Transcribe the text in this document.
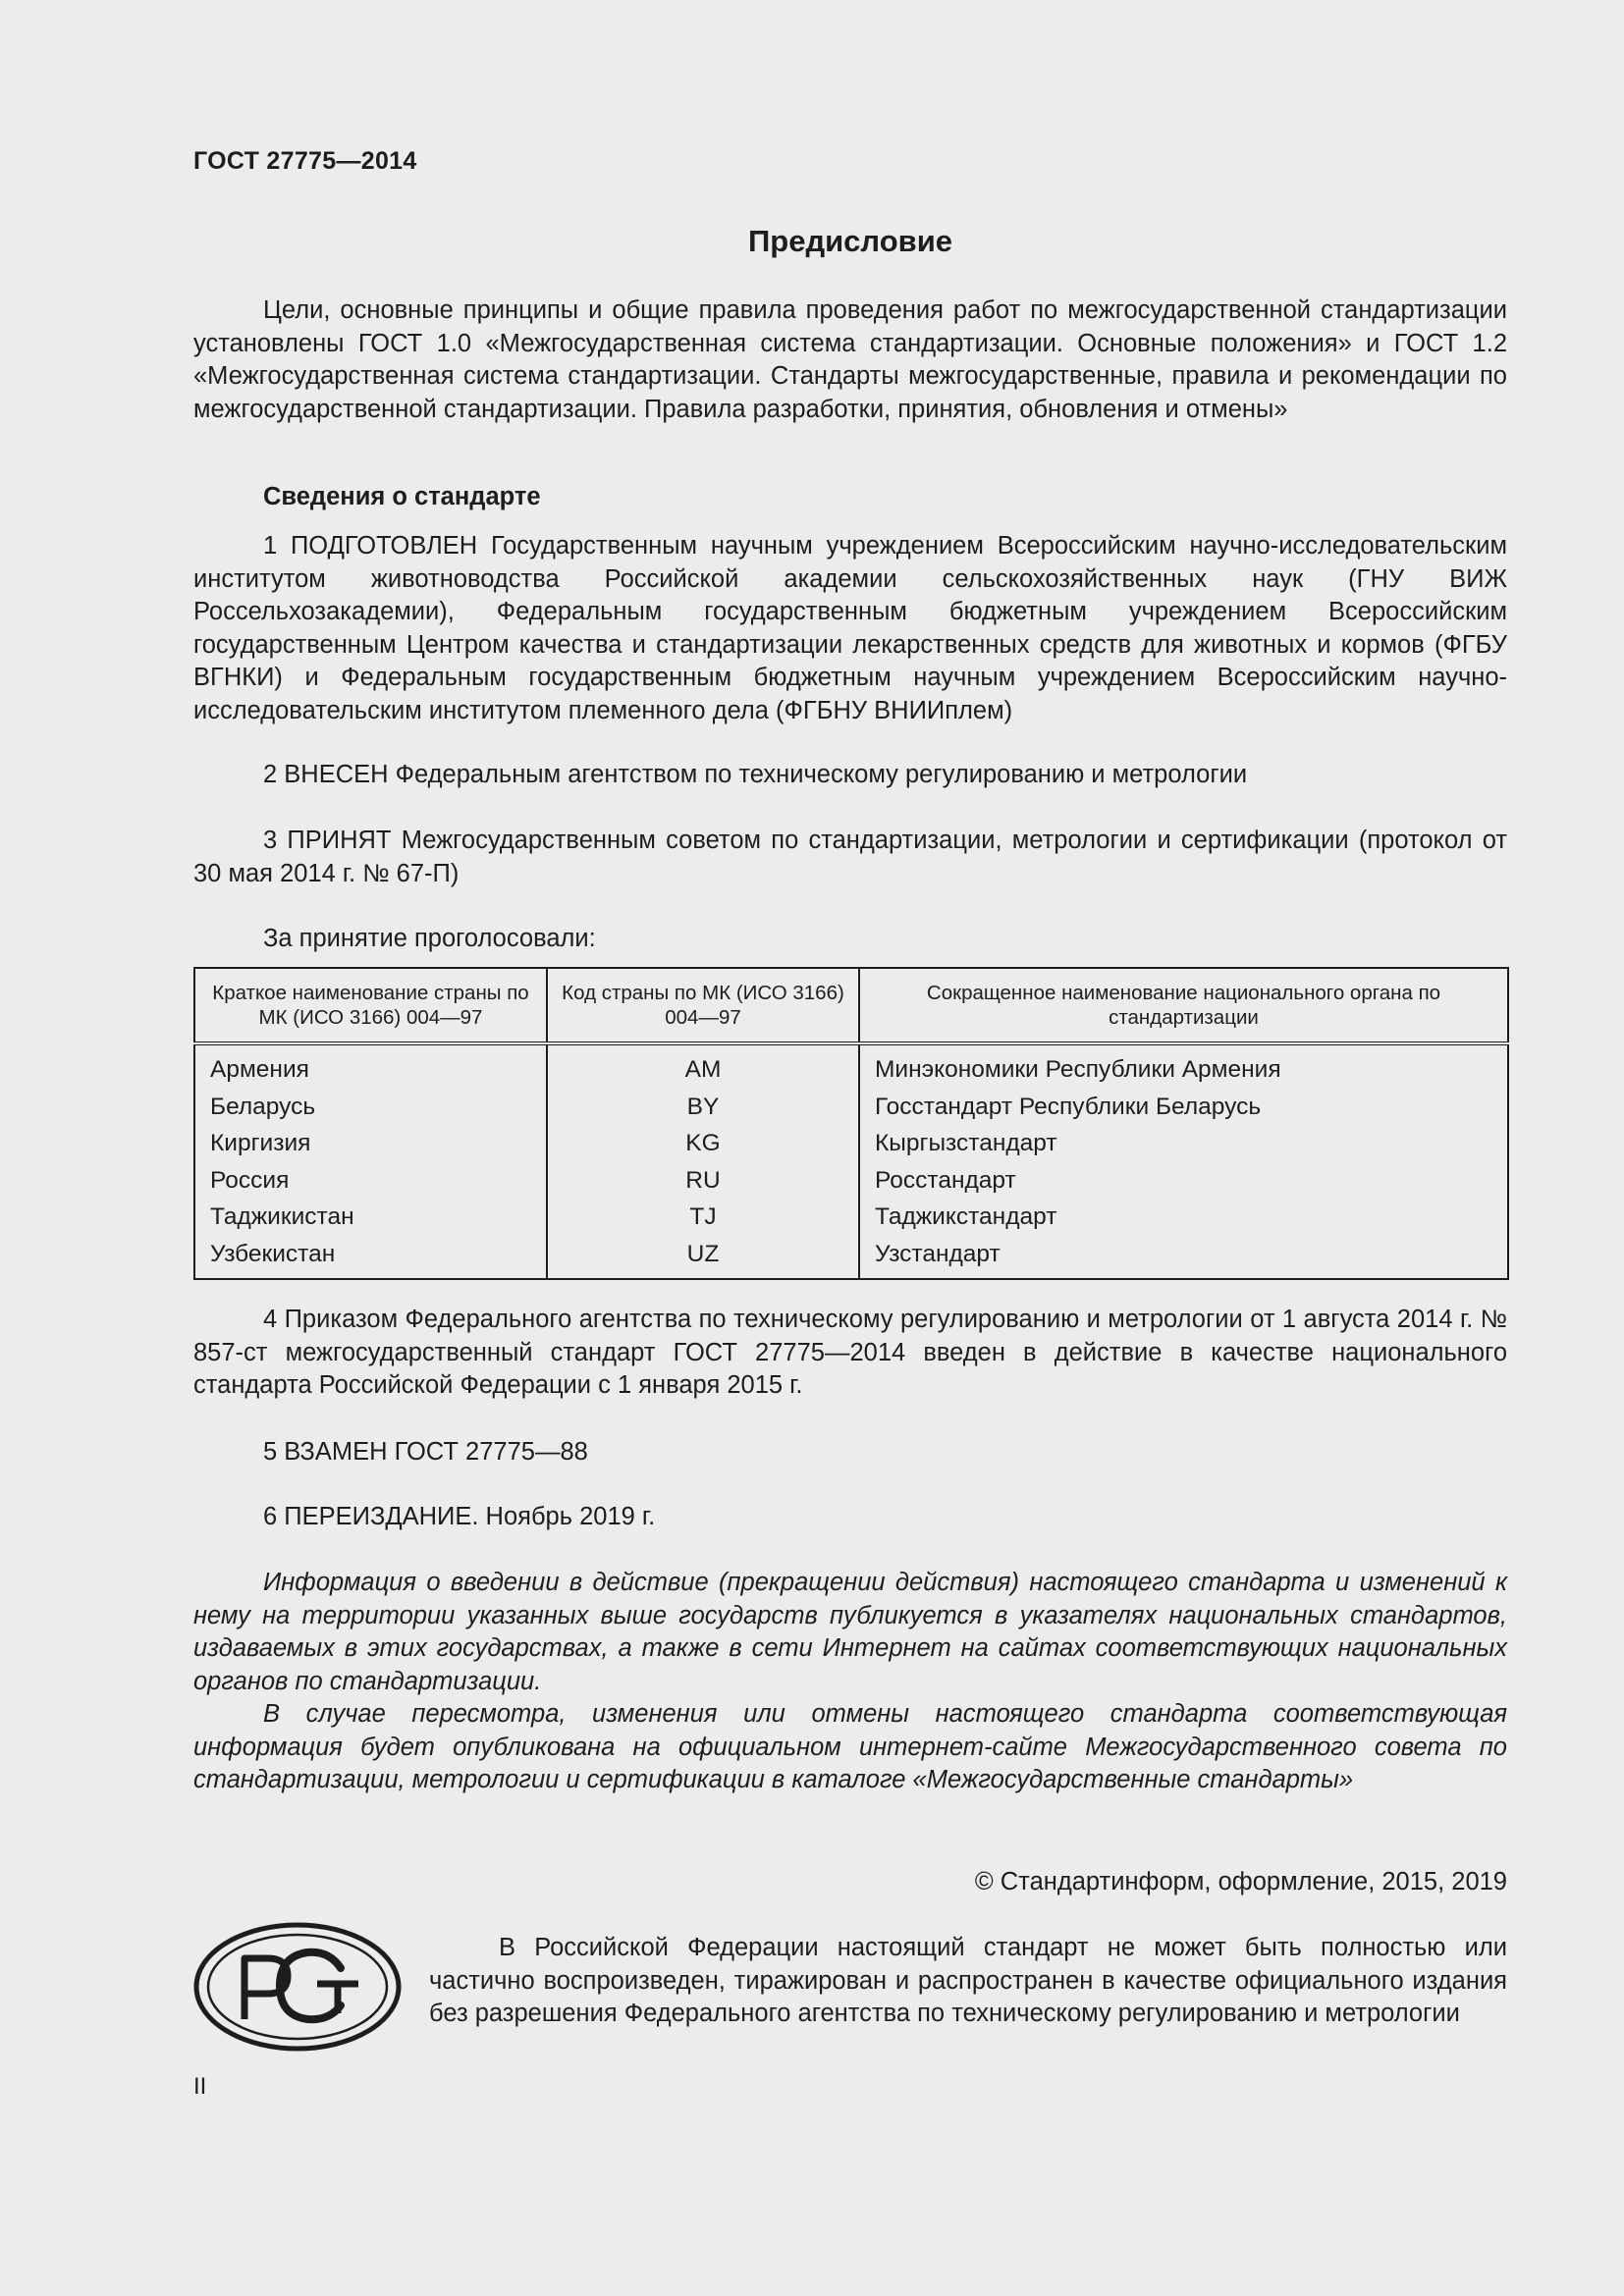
ГОСТ 27775—2014
Предисловие

Цели, основные принципы и общие правила проведения работ по межгосударственной стандартизации установлены ГОСТ 1.0 «Межгосударственная система стандартизации. Основные положения» и ГОСТ 1.2 «Межгосударственная система стандартизации. Стандарты межгосударственные, правила и рекомендации по межгосударственной стандартизации. Правила разработки, принятия, обновления и отмены»

Сведения о стандарте

1 ПОДГОТОВЛЕН Государственным научным учреждением Всероссийским научно-исследовательским институтом животноводства Российской академии сельскохозяйственных наук (ГНУ ВИЖ Россельхозакадемии), Федеральным государственным бюджетным учреждением Всероссийским государственным Центром качества и стандартизации лекарственных средств для животных и кормов (ФГБУ ВГНКИ) и Федеральным государственным бюджетным научным учреждением Всероссийским научно-исследовательским институтом племенного дела (ФГБНУ ВНИИплем)

2 ВНЕСЕН Федеральным агентством по техническому регулированию и метрологии

3 ПРИНЯТ Межгосударственным советом по стандартизации, метрологии и сертификации (протокол от 30 мая 2014 г. № 67-П)

За принятие проголосовали:

Краткое наименование страны по МК (ИСО 3166) 004—97	Код страны по МК (ИСО 3166) 004—97	Сокращенное наименование национального органа по стандартизации
Армения	AM	Минэкономики Республики Армения
Беларусь	BY	Госстандарт Республики Беларусь
Киргизия	KG	Кыргызстандарт
Россия	RU	Росстандарт
Таджикистан	TJ	Таджикстандарт
Узбекистан	UZ	Узстандарт

4 Приказом Федерального агентства по техническому регулированию и метрологии от 1 августа 2014 г. № 857-ст межгосударственный стандарт ГОСТ 27775—2014 введен в действие в качестве национального стандарта Российской Федерации с 1 января 2015 г.

5 ВЗАМЕН ГОСТ 27775—88

6 ПЕРЕИЗДАНИЕ. Ноябрь 2019 г.

Информация о введении в действие (прекращении действия) настоящего стандарта и изменений к нему на территории указанных выше государств публикуется в указателях национальных стандартов, издаваемых в этих государствах, а также в сети Интернет на сайтах соответствующих национальных органов по стандартизации.

В случае пересмотра, изменения или отмены настоящего стандарта соответствующая информация будет опубликована на официальном интернет-сайте Межгосударственного совета по стандартизации, метрологии и сертификации в каталоге «Межгосударственные стандарты»

© Стандартинформ, оформление, 2015, 2019

В Российской Федерации настоящий стандарт не может быть полностью или частично воспроизведен, тиражирован и распространен в качестве официального издания без разрешения Федерального агентства по техническому регулированию и метрологии

II
